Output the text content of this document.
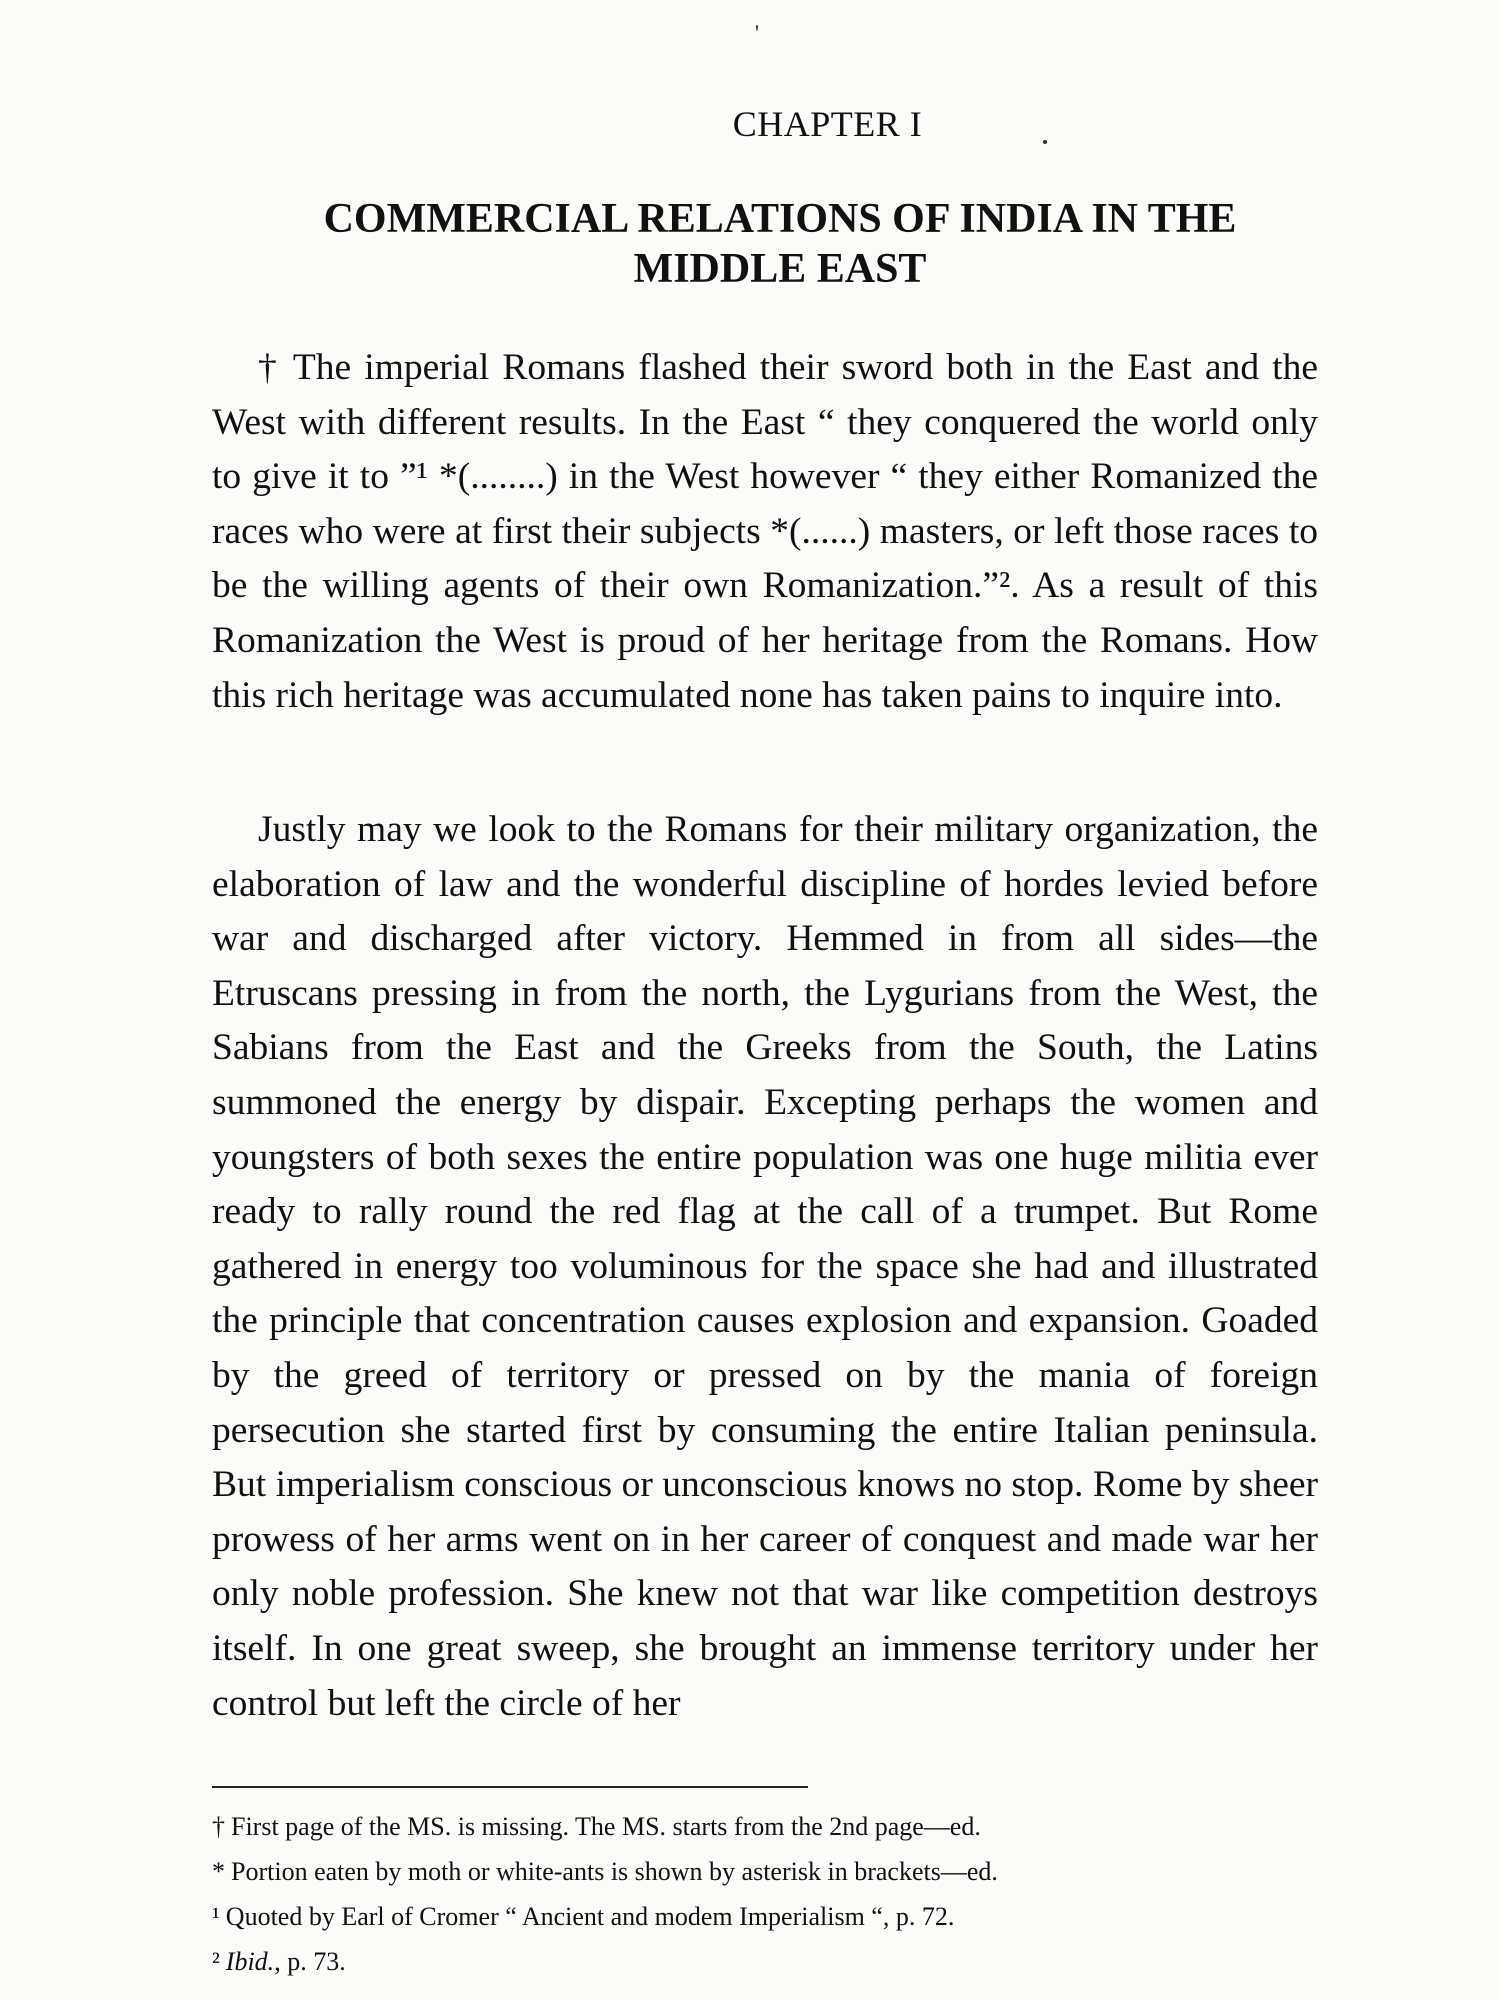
'
CHAPTER I
COMMERCIAL RELATIONS OF INDIA IN THE
MIDDLE EAST

† The imperial Romans flashed their sword both in the East and the West with different results. In the East “ they conquered the world only to give it to ”¹ *(........) in the West however “ they either Romanized the races who were at first their subjects *(......) masters, or left those races to be the willing agents of their own Romanization.”². As a result of this Romanization the West is proud of her heritage from the Romans. How this rich heritage was accumulated none has taken pains to inquire into.

Justly may we look to the Romans for their military organization, the elaboration of law and the wonderful discipline of hordes levied before war and discharged after victory. Hemmed in from all sides—the Etruscans pressing in from the north, the Lygurians from the West, the Sabians from the East and the Greeks from the South, the Latins summoned the energy by dispair. Excepting perhaps the women and youngsters of both sexes the entire population was one huge militia ever ready to rally round the red flag at the call of a trumpet. But Rome gathered in energy too voluminous for the space she had and illustrated the principle that concentration causes explosion and expansion. Goaded by the greed of territory or pressed on by the mania of foreign persecution she started first by consuming the entire Italian peninsula. But imperialism conscious or unconscious knows no stop. Rome by sheer prowess of her arms went on in her career of conquest and made war her only noble profession. She knew not that war like competition destroys itself. In one great sweep, she brought an immense territory under her control but left the circle of her

† First page of the MS. is missing. The MS. starts from the 2nd page—ed.
* Portion eaten by moth or white-ants is shown by asterisk in brackets—ed.
¹ Quoted by Earl of Cromer “ Ancient and modem Imperialism “, p. 72.
² Ibid., p. 73.
